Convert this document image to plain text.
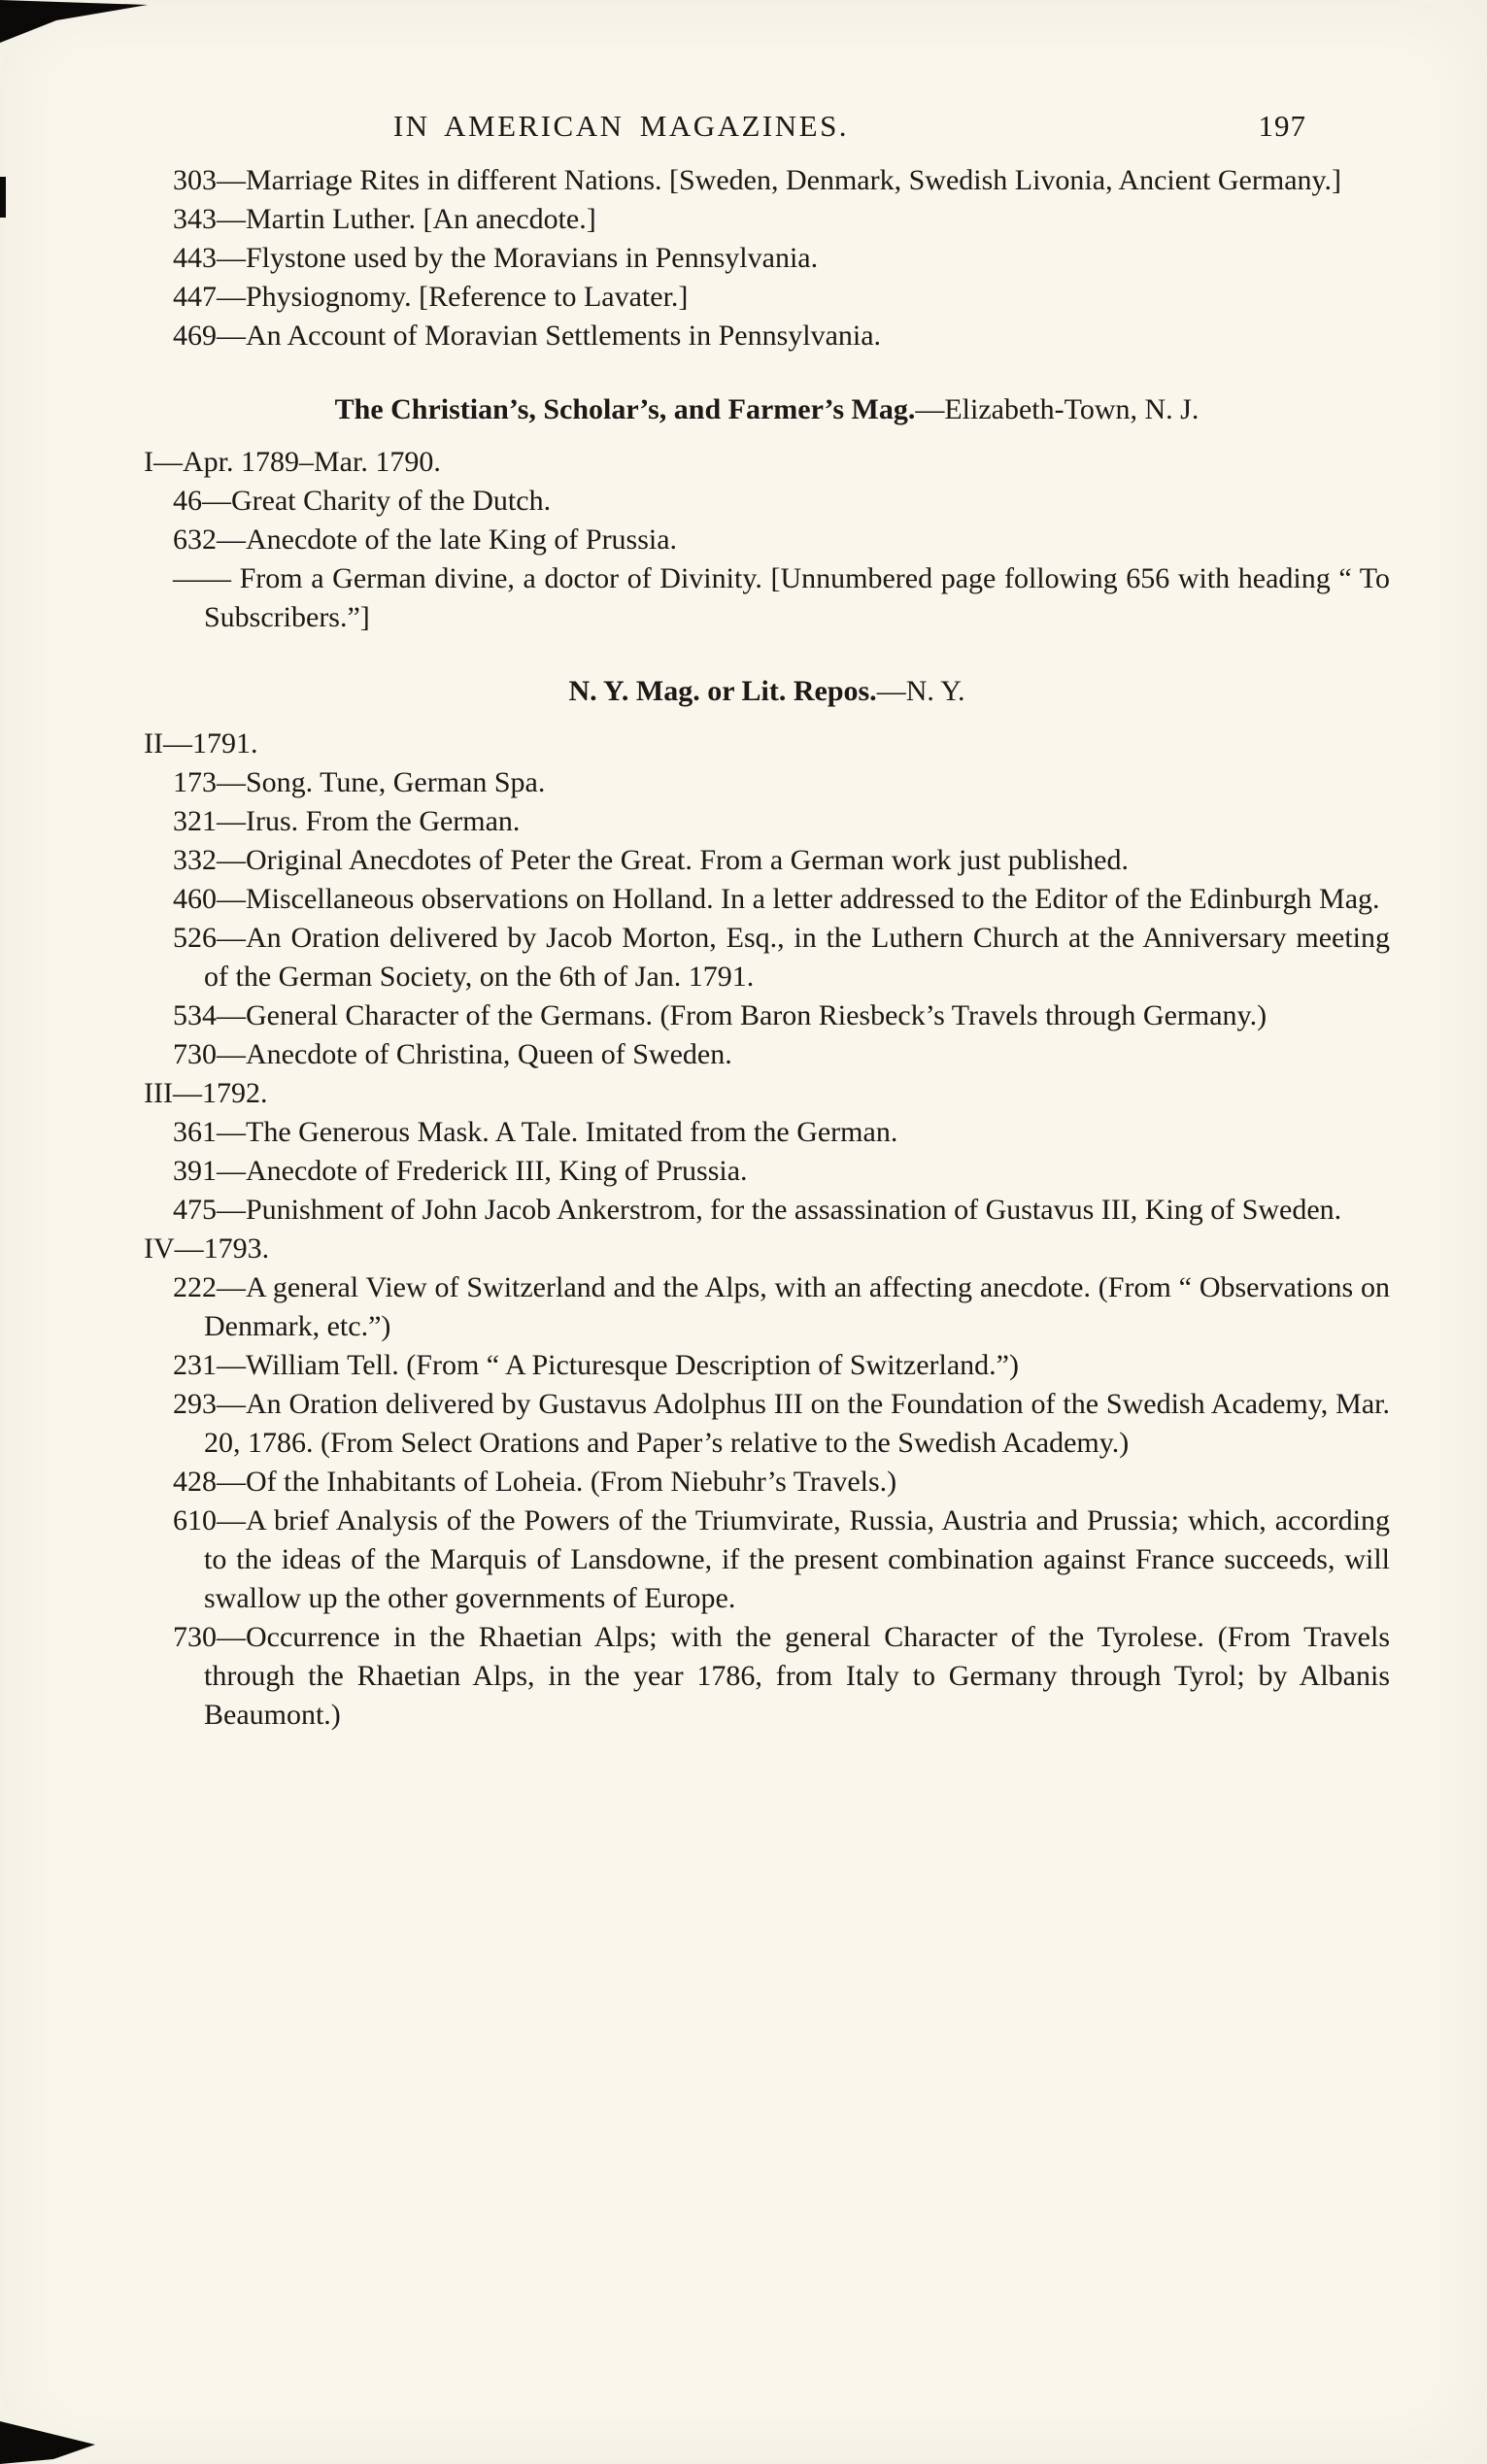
IN AMERICAN MAGAZINES.	197
303—Marriage Rites in different Nations. [Sweden, Denmark, Swedish Livonia, Ancient Germany.]
343—Martin Luther. [An anecdote.]
443—Flystone used by the Moravians in Pennsylvania.
447—Physiognomy. [Reference to Lavater.]
469—An Account of Moravian Settlements in Pennsylvania.
The Christian’s, Scholar’s, and Farmer’s Mag.—Elizabeth-Town, N. J.
I—Apr. 1789–Mar. 1790.
46—Great Charity of the Dutch.
632—Anecdote of the late King of Prussia.
—— From a German divine, a doctor of Divinity. [Unnumbered page following 656 with heading “ To Subscribers.”]
N. Y. Mag. or Lit. Repos.—N. Y.
II—1791.
173—Song. Tune, German Spa.
321—Irus. From the German.
332—Original Anecdotes of Peter the Great. From a German work just published.
460—Miscellaneous observations on Holland. In a letter addressed to the Editor of the Edinburgh Mag.
526—An Oration delivered by Jacob Morton, Esq., in the Luthern Church at the Anniversary meeting of the German Society, on the 6th of Jan. 1791.
534—General Character of the Germans. (From Baron Riesbeck’s Travels through Germany.)
730—Anecdote of Christina, Queen of Sweden.
III—1792.
361—The Generous Mask. A Tale. Imitated from the German.
391—Anecdote of Frederick III, King of Prussia.
475—Punishment of John Jacob Ankerstrom, for the assassination of Gustavus III, King of Sweden.
IV—1793.
222—A general View of Switzerland and the Alps, with an affecting anecdote. (From “ Observations on Denmark, etc.”)
231—William Tell. (From “ A Picturesque Description of Switzerland.”)
293—An Oration delivered by Gustavus Adolphus III on the Foundation of the Swedish Academy, Mar. 20, 1786. (From Select Orations and Paper’s relative to the Swedish Academy.)
428—Of the Inhabitants of Loheia. (From Niebuhr’s Travels.)
610—A brief Analysis of the Powers of the Triumvirate, Russia, Austria and Prussia; which, according to the ideas of the Marquis of Lansdowne, if the present combination against France succeeds, will swallow up the other governments of Europe.
730—Occurrence in the Rhaetian Alps; with the general Character of the Tyrolese. (From Travels through the Rhaetian Alps, in the year 1786, from Italy to Germany through Tyrol; by Albanis Beaumont.)
